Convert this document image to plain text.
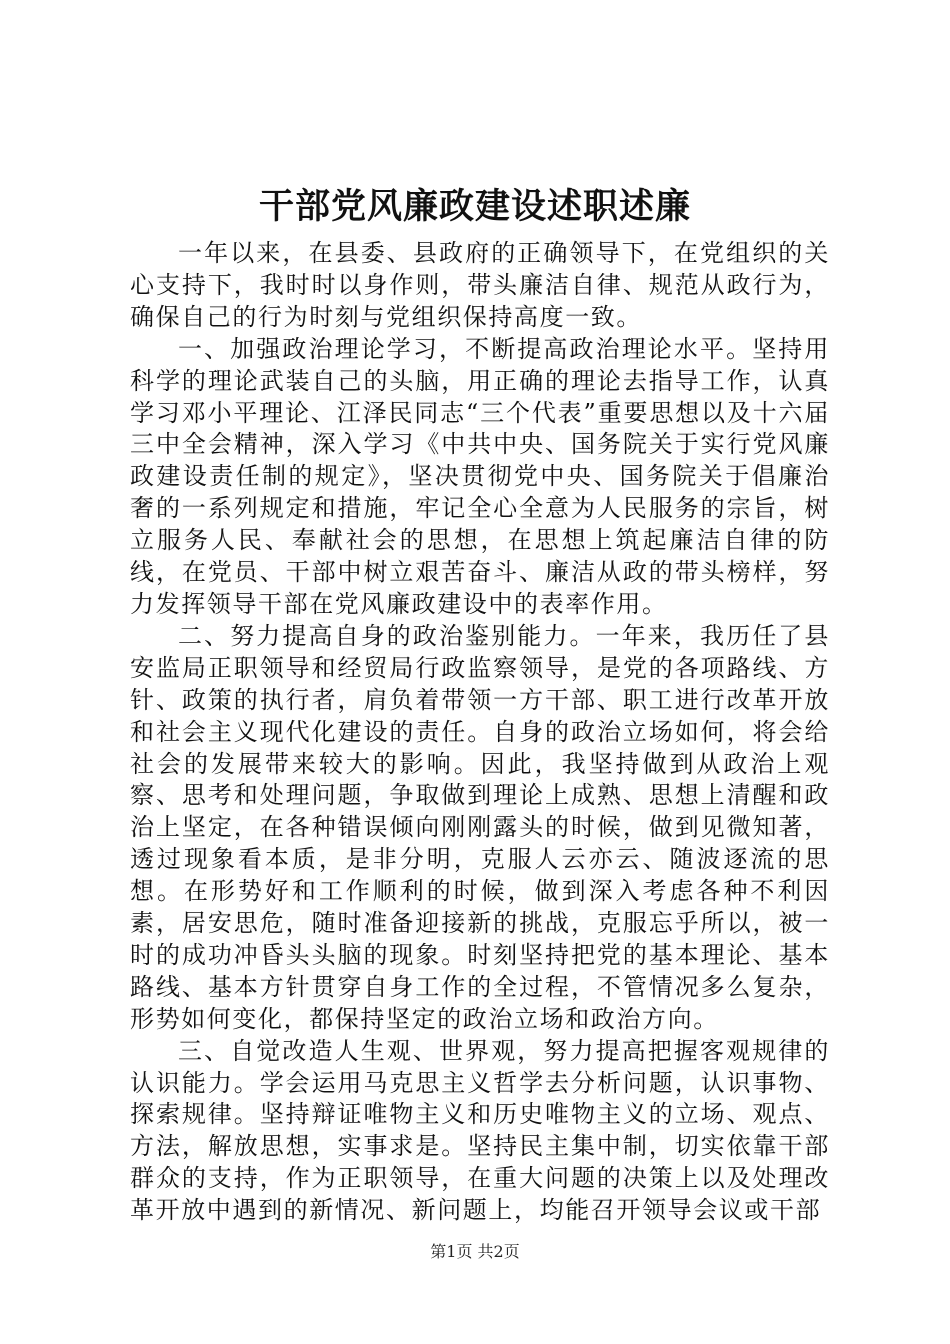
干部党风廉政建设述职述廉

一年以来，在县委、县政府的正确领导下，在党组织的关心支持下，我时时以身作则，带头廉洁自律、规范从政行为，确保自己的行为时刻与党组织保持高度一致。

一、加强政治理论学习，不断提高政治理论水平。坚持用科学的理论武装自己的头脑，用正确的理论去指导工作，认真学习邓小平理论、江泽民同志“三个代表”重要思想以及十六届三中全会精神，深入学习《中共中央、国务院关于实行党风廉政建设责任制的规定》，坚决贯彻党中央、国务院关于倡廉治奢的一系列规定和措施，牢记全心全意为人民服务的宗旨，树立服务人民、奉献社会的思想，在思想上筑起廉洁自律的防线，在党员、干部中树立艰苦奋斗、廉洁从政的带头榜样，努力发挥领导干部在党风廉政建设中的表率作用。

二、努力提高自身的政治鉴别能力。一年来，我历任了县安监局正职领导和经贸局行政监察领导，是党的各项路线、方针、政策的执行者，肩负着带领一方干部、职工进行改革开放和社会主义现代化建设的责任。自身的政治立场如何，将会给社会的发展带来较大的影响。因此，我坚持做到从政治上观察、思考和处理问题，争取做到理论上成熟、思想上清醒和政治上坚定，在各种错误倾向刚刚露头的时候，做到见微知著，透过现象看本质，是非分明，克服人云亦云、随波逐流的思想。在形势好和工作顺利的时候，做到深入考虑各种不利因素，居安思危，随时准备迎接新的挑战，克服忘乎所以，被一时的成功冲昏头头脑的现象。时刻坚持把党的基本理论、基本路线、基本方针贯穿自身工作的全过程，不管情况多么复杂，形势如何变化，都保持坚定的政治立场和政治方向。

三、自觉改造人生观、世界观，努力提高把握客观规律的认识能力。学会运用马克思主义哲学去分析问题，认识事物、探索规律。坚持辩证唯物主义和历史唯物主义的立场、观点、方法，解放思想，实事求是。坚持民主集中制，切实依靠干部群众的支持，作为正职领导，在重大问题的决策上以及处理改革开放中遇到的新情况、新问题上，均能召开领导会议或干部

第1页 共2页
